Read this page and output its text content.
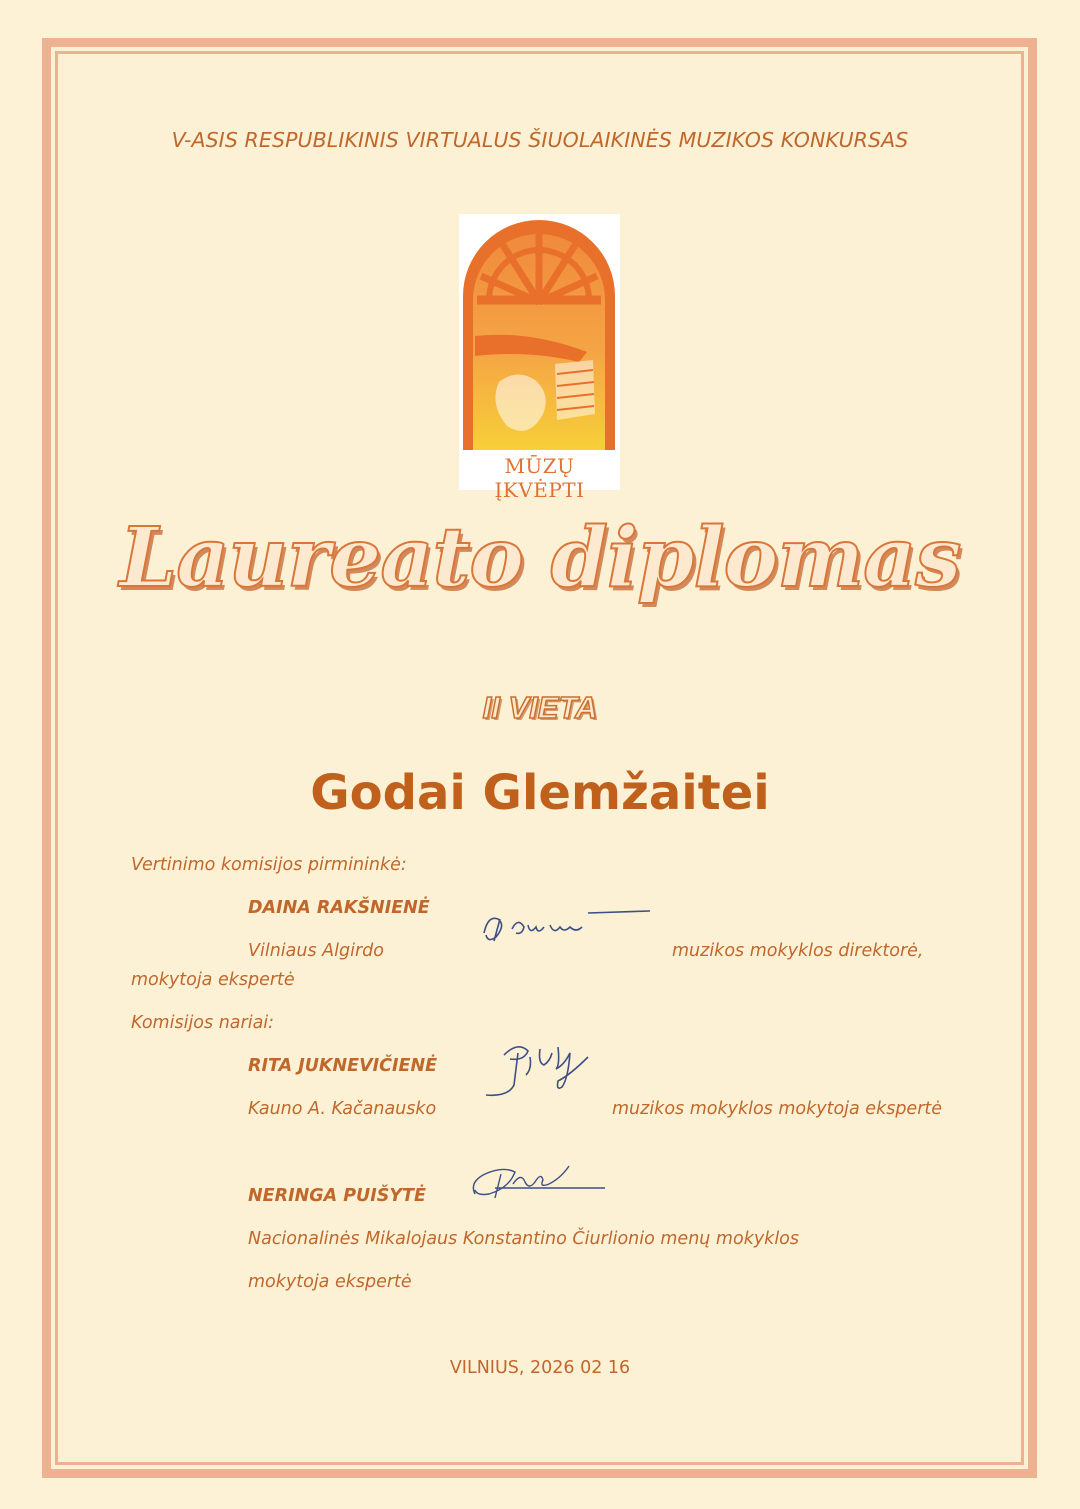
V-ASIS RESPUBLIKINIS VIRTUALUS ŠIUOLAIKINĖS MUZIKOS KONKURSAS
MŪZŲ ĮKVĖPTI
Laureato diplomas
II VIETA
Godai Glemžaitei
Vertinimo komisijos pirmininkė:
DAINA RAKŠNIENĖ
Vilniaus Algirdo	muzikos mokyklos direktorė,
mokytoja ekspertė
Komisijos nariai:
RITA JUKNEVIČIENĖ
Kauno A. Kačanausko	muzikos mokyklos mokytoja ekspertė
NERINGA PUIŠYTĖ
Nacionalinės Mikalojaus Konstantino Čiurlionio menų mokyklos
mokytoja ekspertė
VILNIUS, 2026 02 16
